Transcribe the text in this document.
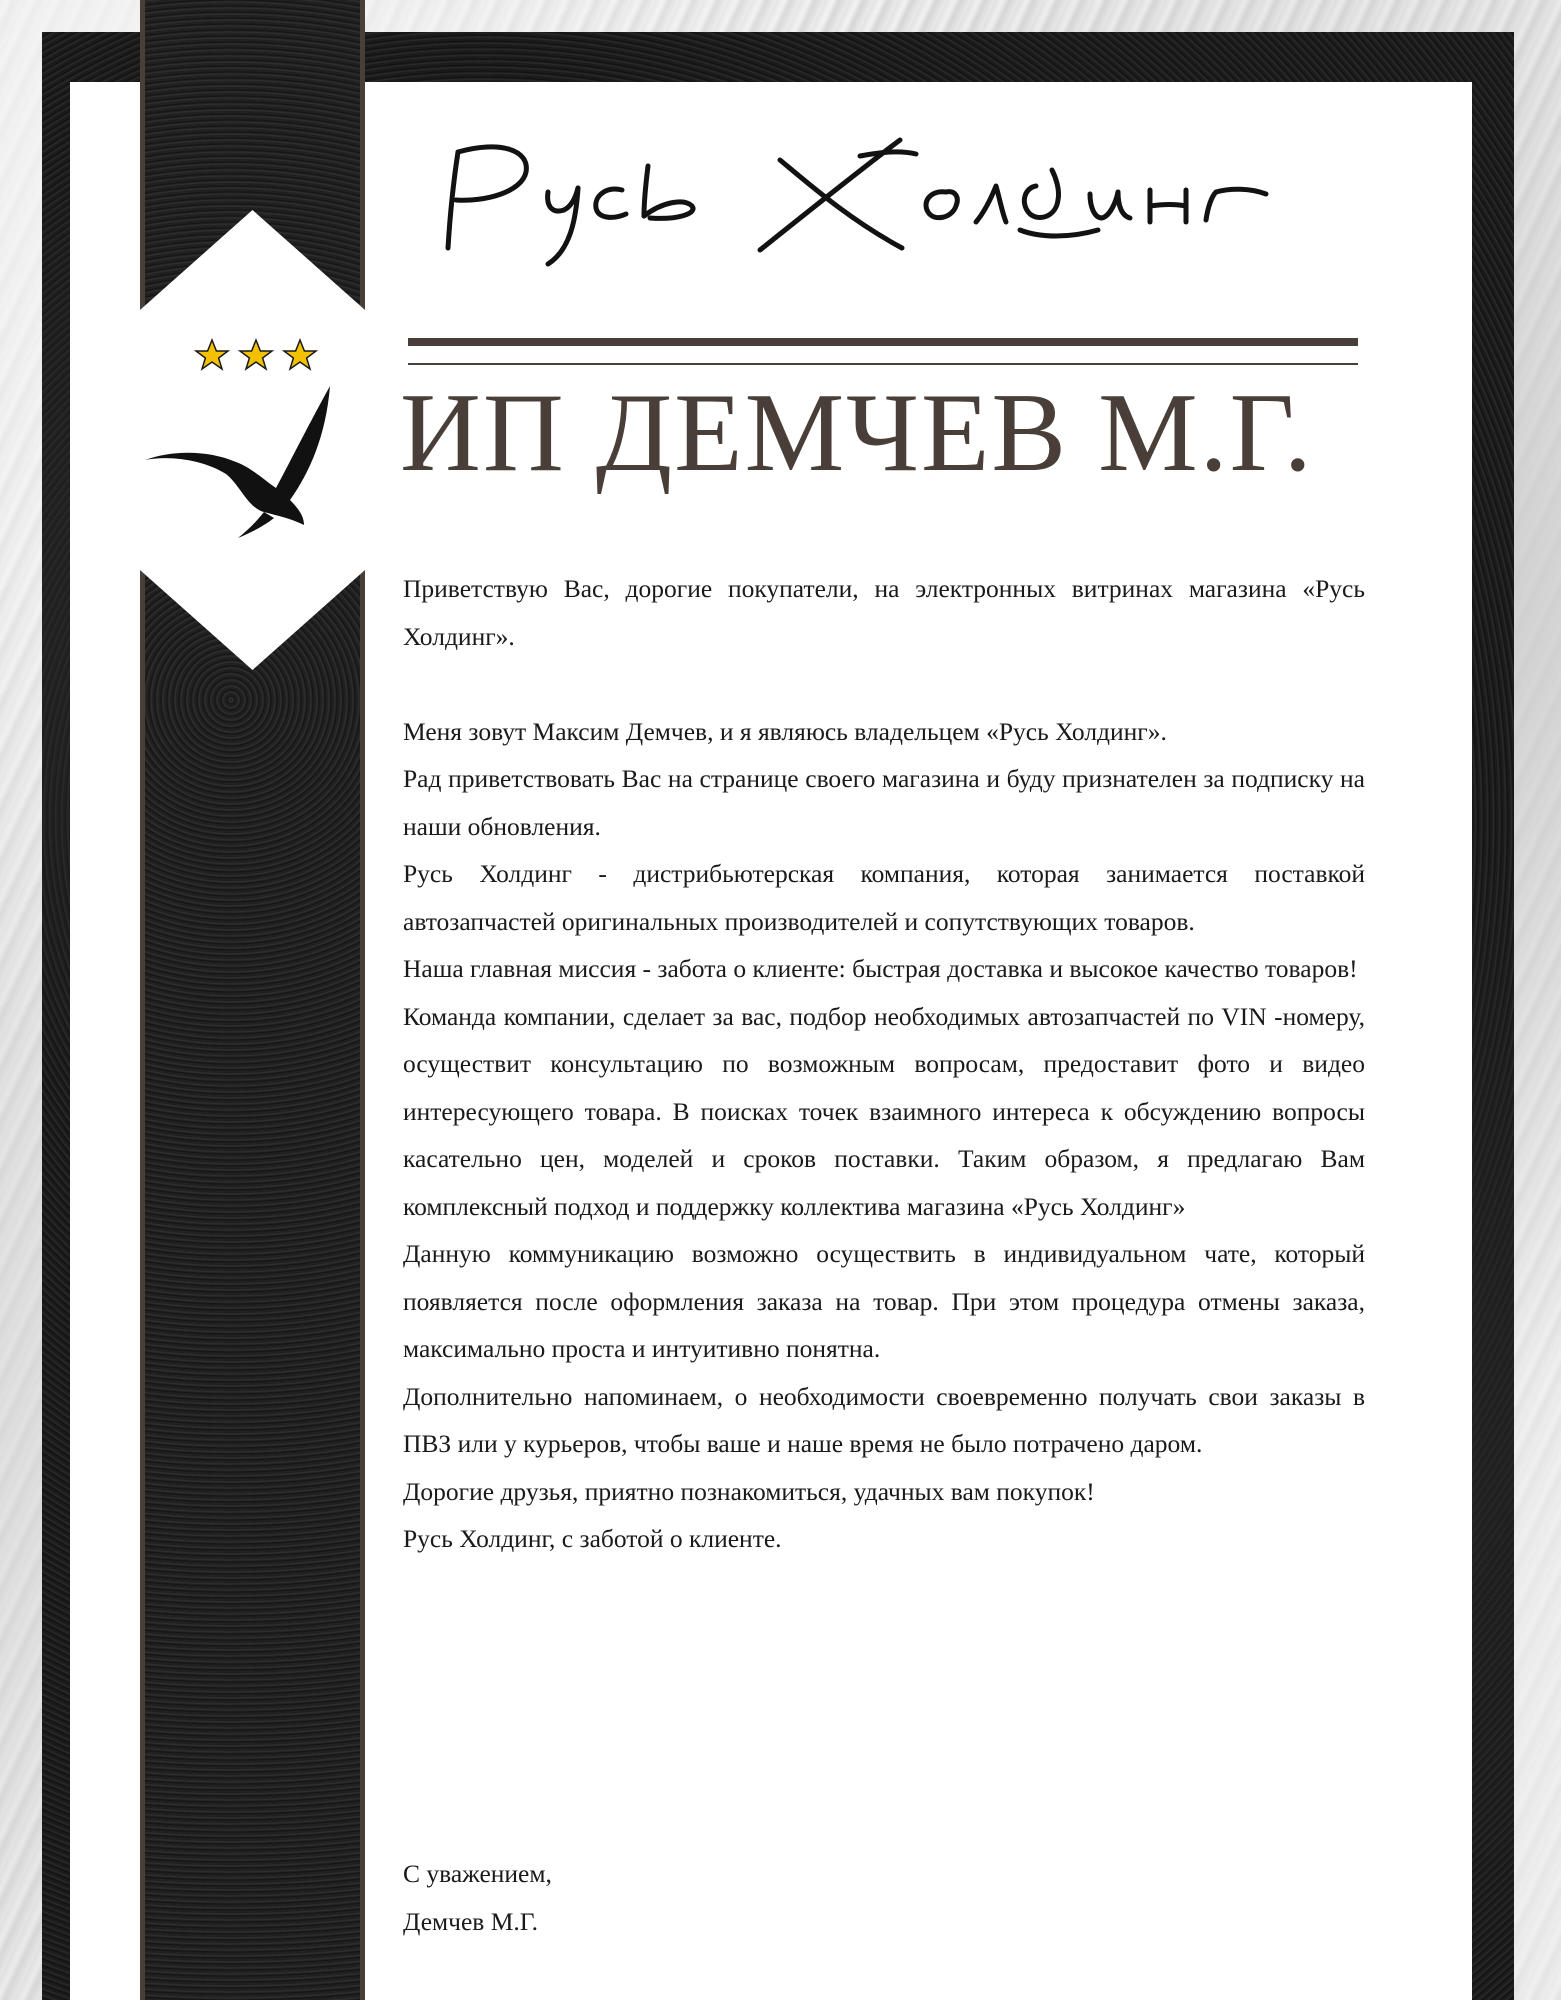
ИП ДЕМЧЕВ М.Г.

Приветствую Вас, дорогие покупатели, на электронных витринах магазина «Русь Холдинг».

Меня зовут Максим Демчев, и я являюсь владельцем «Русь Холдинг».

Рад приветствовать Вас на странице своего магазина и буду признателен за подписку на наши обновления.

Русь Холдинг - дистрибьютерская компания, которая занимается поставкой автозапчастей оригинальных производителей и сопутствующих товаров.

Наша главная миссия - забота о клиенте: быстрая доставка и высокое качество товаров!

Команда компании, сделает за вас, подбор необходимых автозапчастей по VIN -номеру, осуществит консультацию по возможным вопросам, предоставит фото и видео интересующего товара. В поисках точек взаимного интереса к обсуждению вопросы касательно цен, моделей и сроков поставки. Таким образом, я предлагаю Вам комплексный подход и поддержку коллектива магазина «Русь Холдинг»

Данную коммуникацию возможно осуществить в индивидуальном чате, который появляется после оформления заказа на товар. При этом процедура отмены заказа, максимально проста и интуитивно понятна.

Дополнительно напоминаем, о необходимости своевременно получать свои заказы в ПВЗ или у курьеров, чтобы ваше и наше время не было потрачено даром.

Дорогие друзья, приятно познакомиться, удачных вам покупок!

Русь Холдинг, с заботой о клиенте.

С уважением,

Демчев М.Г.
